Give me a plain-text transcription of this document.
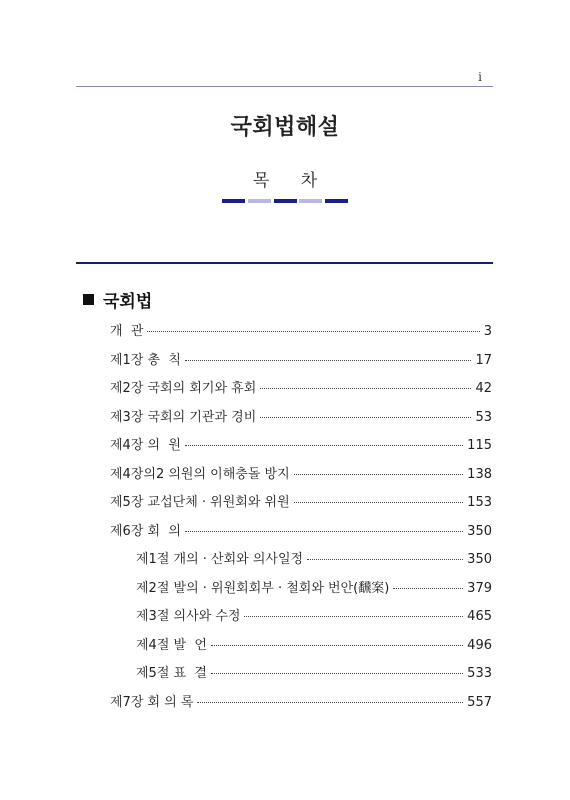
i
국회법해설
목 차
국회법
개  관	3
제1장 총  칙	17
제2장 국회의 회기와 휴회	42
제3장 국회의 기관과 경비	53
제4장 의  원	115
제4장의2 의원의 이해충돌 방지	138
제5장 교섭단체 · 위원회와 위원	153
제6장 회  의	350
제1절 개의 · 산회와 의사일정	350
제2절 발의 · 위원회회부 · 철회와 번안(飜案)	379
제3절 의사와 수정	465
제4절 발  언	496
제5절 표  결	533
제7장 회 의 록	557
